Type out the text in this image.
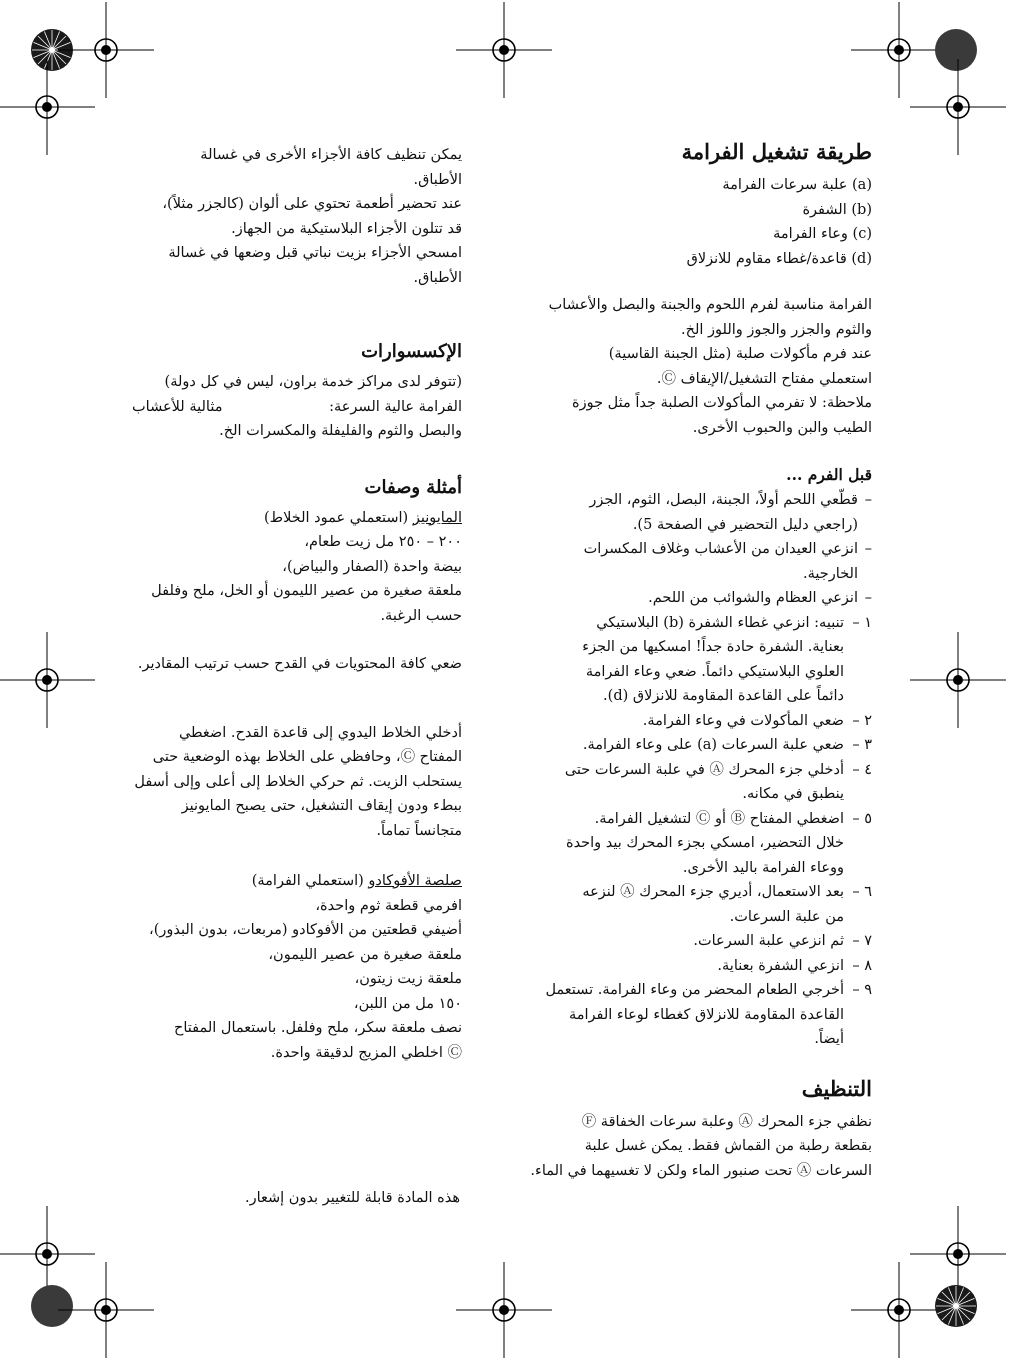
طريقة تشغيل الفرامة

(a) علبة سرعات الفرامة

(b) الشفرة

(c) وعاء الفرامة

(d) قاعدة/غطاء مقاوم للانزلاق

الفرامة مناسبة لفرم اللحوم والجبنة والبصل والأعشاب

والثوم والجزر والجوز واللوز الخ.

عند فرم مأكولات صلبة (مثل الجبنة القاسية)

استعملي مفتاح التشغيل/الإيقاف Ⓒ.

ملاحظة: لا تفرمي المأكولات الصلبة جداً مثل جوزة

الطيب والبن والحبوب الأخرى.

قبل الفرم ...
–

قطّعي اللحم أولاً، الجبنة، البصل، الثوم، الجزر

(راجعي دليل التحضير في الصفحة 5).

–

انزعي العيدان من الأعشاب وغلاف المكسرات

الخارجية.

–

انزعي العظام والشوائب من اللحم.

١ –

تنبيه: انزعي غطاء الشفرة (b) البلاستيكي

بعناية. الشفرة حادة جداً! امسكيها من الجزء

العلوي البلاستيكي دائماً. ضعي وعاء الفرامة

دائماً على القاعدة المقاومة للانزلاق (d).

٢ –

ضعي المأكولات في وعاء الفرامة.

٣ –

ضعي علبة السرعات (a) على وعاء الفرامة.

٤ –

أدخلي جزء المحرك Ⓐ في علبة السرعات حتى

ينطبق في مكانه.

٥ –

اضغطي المفتاح Ⓑ أو Ⓒ لتشغيل الفرامة.

خلال التحضير، امسكي بجزء المحرك بيد واحدة

ووعاء الفرامة باليد الأخرى.

٦ –

بعد الاستعمال، أديري جزء المحرك Ⓐ لنزعه

من علبة السرعات.

٧ –

ثم انزعي علبة السرعات.

٨ –

انزعي الشفرة بعناية.

٩ –

أخرجي الطعام المحضر من وعاء الفرامة. تستعمل

القاعدة المقاومة للانزلاق كغطاء لوعاء الفرامة

أيضاً.

التنظيف

نظفي جزء المحرك Ⓐ وعلبة سرعات الخفاقة Ⓕ

بقطعة رطبة من القماش فقط. يمكن غسل علبة

السرعات Ⓐ تحت صنبور الماء ولكن لا تغسيهما في الماء.

يمكن تنظيف كافة الأجزاء الأخرى في غسالة

الأطباق.

عند تحضير أطعمة تحتوي على ألوان (كالجزر مثلاً)،

قد تتلون الأجزاء البلاستيكية من الجهاز.

امسحي الأجزاء بزيت نباتي قبل وضعها في غسالة

الأطباق.

الإكسسوارات

(تتوفر لدى مراكز خدمة براون، ليس في كل دولة)

الفرامة عالية السرعة:
مثالية للأعشاب

والبصل والثوم والفليفلة والمكسرات الخ.

أمثلة وصفات

المايونيز (استعملي عمود الخلاط)

٢٠٠ – ٢٥٠ مل زيت طعام،

بيضة واحدة (الصفار والبياض)،

ملعقة صغيرة من عصير الليمون أو الخل، ملح وفلفل

حسب الرغبة.

ضعي كافة المحتويات في القدح حسب ترتيب المقادير.

أدخلي الخلاط اليدوي إلى قاعدة القدح. اضغطي

المفتاح Ⓒ، وحافظي على الخلاط بهذه الوضعية حتى

يستحلب الزيت. ثم حركي الخلاط إلى أعلى وإلى أسفل

ببطء ودون إيقاف التشغيل، حتى يصبح المايونيز

متجانساً تماماً.

صلصة الأفوكادو (استعملي الفرامة)

افرمي قطعة ثوم واحدة،

أضيفي قطعتين من الأفوكادو (مربعات، بدون البذور)،

ملعقة صغيرة من عصير الليمون،

ملعقة زيت زيتون،

١٥٠ مل من اللبن،

نصف ملعقة سكر، ملح وفلفل. باستعمال المفتاح

Ⓒ اخلطي المزيج لدقيقة واحدة.

هذه المادة قابلة للتغيير بدون إشعار.
